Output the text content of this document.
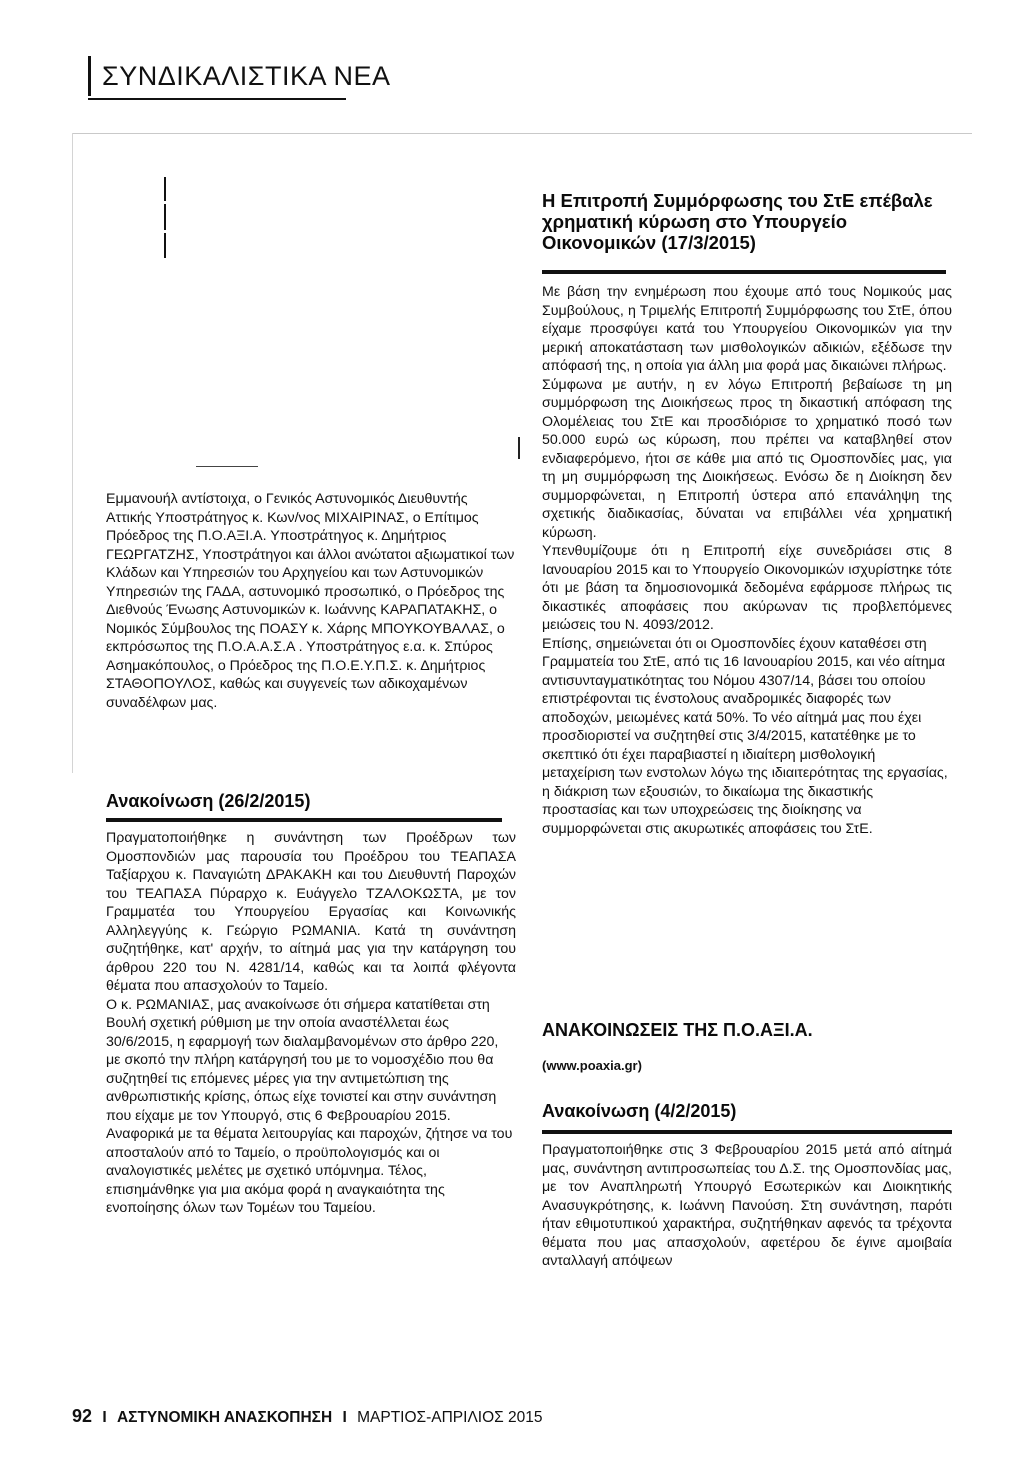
ΣΥΝΔΙΚΑΛΙΣΤΙΚΑ ΝΕΑ

Εμμανουήλ αντίστοιχα, ο Γενικός Αστυνομικός Διευθυντής Αττικής Υποστράτηγος κ. Κων/νος ΜΙΧΑΙΡΙΝΑΣ, ο Επίτιμος Πρόεδρος της Π.Ο.ΑΞΙ.Α. Υποστράτηγος κ. Δημήτριος ΓΕΩΡΓΑΤΖΗΣ, Υποστράτηγοι και άλλοι ανώτατοι αξιωματικοί των Κλάδων και Υπηρεσιών του Αρχηγείου και των Αστυνομικών Υπηρεσιών της ΓΑΔΑ, αστυνομικό προσωπικό, ο Πρόεδρος της Διεθνούς Ένωσης Αστυνομικών κ. Ιωάννης ΚΑΡΑΠΑΤΑΚΗΣ, ο Νομικός Σύμβουλος της ΠΟΑΣΥ κ. Χάρης ΜΠΟΥΚΟΥΒΑΛΑΣ, ο εκπρόσωπος της Π.Ο.Α.Α.Σ.Α . Υποστράτηγος ε.α. κ. Σπύρος Ασημακόπουλος, ο Πρόεδρος της Π.Ο.Ε.Υ.Π.Σ. κ. Δημήτριος ΣΤΑΘΟΠΟΥΛΟΣ, καθώς και συγγενείς των αδικοχαμένων συναδέλφων μας.

Ανακοίνωση (26/2/2015)

Πραγματοποιήθηκε η συνάντηση των Προέδρων των Ομοσπονδιών μας παρουσία του Προέδρου του ΤΕΑΠΑΣΑ Ταξίαρχου κ. Παναγιώτη ΔΡΑΚΑΚΗ και του Διευθυντή Παροχών του ΤΕΑΠΑΣΑ Πύραρχο κ. Ευάγγελο ΤΖΑΛΟΚΩΣΤΑ, με τον Γραμματέα του Υπουργείου Εργασίας και Κοινωνικής Αλληλεγγύης κ. Γεώργιο ΡΩΜΑΝΙΑ. Κατά τη συνάντηση συζητήθηκε, κατ' αρχήν, το αίτημά μας για την κατάργηση του άρθρου 220 του Ν. 4281/14, καθώς και τα λοιπά φλέγοντα θέματα που απασχολούν το Ταμείο.

Ο κ. ΡΩΜΑΝΙΑΣ, μας ανακοίνωσε ότι σήμερα κατατίθεται στη Βουλή σχετική ρύθμιση με την οποία αναστέλλεται έως 30/6/2015, η εφαρμογή των διαλαμβανομένων στο άρθρο 220, με σκοπό την πλήρη κατάργησή του με το νομοσχέδιο που θα συζητηθεί τις επόμενες μέρες για την αντιμετώπιση της ανθρωπιστικής κρίσης, όπως είχε τονιστεί και στην συνάντηση που είχαμε με τον Υπουργό, στις 6 Φεβρουαρίου 2015. Αναφορικά με τα θέματα λειτουργίας και παροχών, ζήτησε να του αποσταλούν από το Ταμείο, ο προϋπολογισμός και οι αναλογιστικές μελέτες με σχετικό υπόμνημα. Τέλος, επισημάνθηκε για μια ακόμα φορά η αναγκαιότητα της ενοποίησης όλων των Τομέων του Ταμείου.

Η Επιτροπή Συμμόρφωσης του ΣτΕ επέβαλε χρηματική κύρωση στο Υπουργείο Οικονομικών (17/3/2015)

Με βάση την ενημέρωση που έχουμε από τους Νομικούς μας Συμβούλους, η Τριμελής Επιτροπή Συμμόρφωσης του ΣτΕ, όπου είχαμε προσφύγει κατά του Υπουργείου Οικονομικών για την μερική αποκατάσταση των μισθολογικών αδικιών, εξέδωσε την απόφασή της, η οποία για άλλη μια φορά μας δικαιώνει πλήρως.

Σύμφωνα με αυτήν, η εν λόγω Επιτροπή βεβαίωσε τη μη συμμόρφωση της Διοικήσεως προς τη δικαστική απόφαση της Ολομέλειας του ΣτΕ και προσδιόρισε το χρηματικό ποσό των 50.000 ευρώ ως κύρωση, που πρέπει να καταβληθεί στον ενδιαφερόμενο, ήτοι σε κάθε μια από τις Ομοσπονδίες μας, για τη μη συμμόρφωση της Διοικήσεως. Ενόσω δε η Διοίκηση δεν συμμορφώνεται, η Επιτροπή ύστερα από επανάληψη της σχετικής διαδικασίας, δύναται να επιβάλλει νέα χρηματική κύρωση.

Υπενθυμίζουμε ότι η Επιτροπή είχε συνεδριάσει στις 8 Ιανουαρίου 2015 και το Υπουργείο Οικονομικών ισχυρίστηκε τότε ότι με βάση τα δημοσιονομικά δεδομένα εφάρμοσε πλήρως τις δικαστικές αποφάσεις που ακύρωναν τις προβλεπόμενες μειώσεις του Ν. 4093/2012.

Επίσης, σημειώνεται ότι οι Ομοσπονδίες έχουν καταθέσει στη Γραμματεία του ΣτΕ, από τις 16 Ιανουαρίου 2015, και νέο αίτημα αντισυνταγματικότητας του Νόμου 4307/14, βάσει του οποίου επιστρέφονται τις ένστολους αναδρομικές διαφορές των αποδοχών, μειωμένες κατά 50%. Το νέο αίτημά μας που έχει προσδιοριστεί να συζητηθεί στις 3/4/2015, κατατέθηκε με το σκεπτικό ότι έχει παραβιαστεί η ιδιαίτερη μισθολογική μεταχείριση των ενστολων λόγω της ιδιαιτερότητας της εργασίας, η διάκριση των εξουσιών, το δικαίωμα της δικαστικής προστασίας και των υποχρεώσεις της διοίκησης να συμμορφώνεται στις ακυρωτικές αποφάσεις του ΣτΕ.

ΑΝΑΚΟΙΝΩΣΕΙΣ ΤΗΣ Π.Ο.ΑΞΙ.Α.
(www.poaxia.gr)
Ανακοίνωση (4/2/2015)

Πραγματοποιήθηκε στις 3 Φεβρουαρίου 2015 μετά από αίτημά μας, συνάντηση αντιπροσωπείας του Δ.Σ. της Ομοσπονδίας μας, με τον Αναπληρωτή Υπουργό Εσωτερικών και Διοικητικής Ανασυγκρότησης, κ. Ιωάννη Πανούση. Στη συνάντηση, παρότι ήταν εθιμοτυπικού χαρακτήρα, συζητήθηκαν αφενός τα τρέχοντα θέματα που μας απασχολούν, αφετέρου δε έγινε αμοιβαία ανταλλαγή απόψεων

92 I ΑΣΤΥΝΟΜΙΚΗ ΑΝΑΣΚΟΠΗΣΗ I ΜΑΡΤΙΟΣ-ΑΠΡΙΛΙΟΣ 2015
